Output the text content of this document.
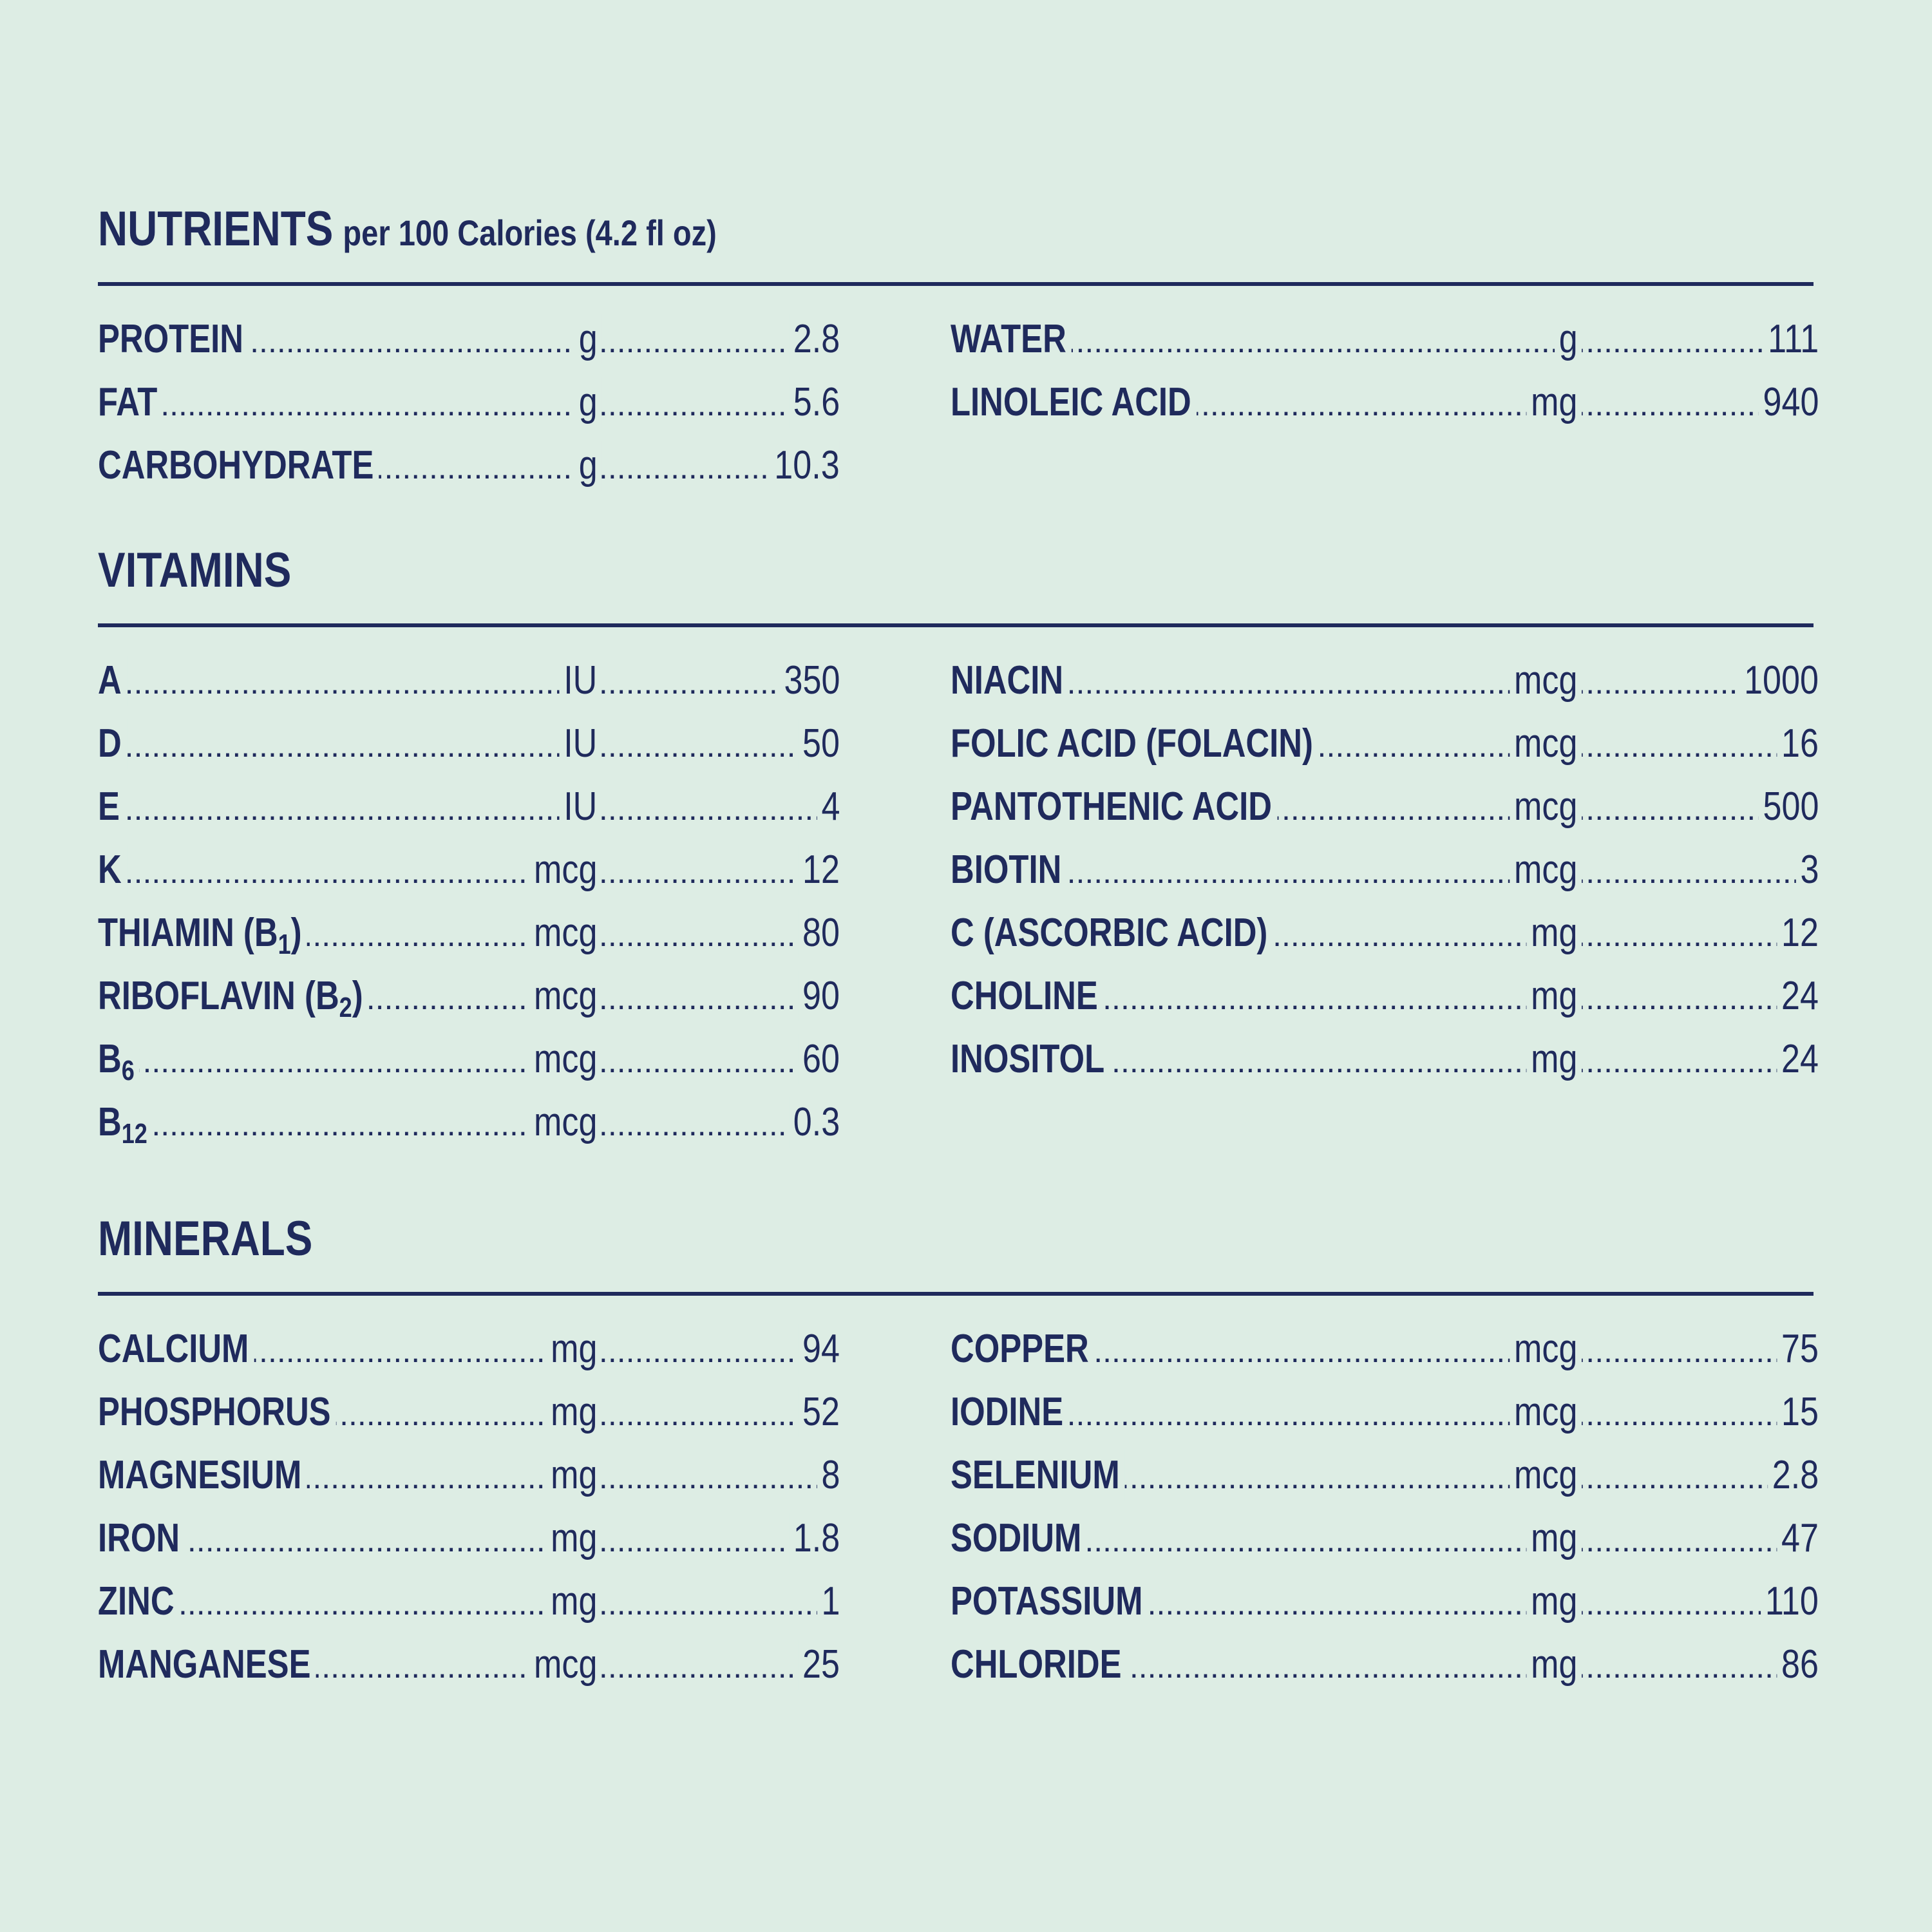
NUTRIENTS per 100 Calories (4.2 fl oz)
.....
PROTEIN	g	2.8
.....
FAT	g	5.6
.....
CARBOHYDRATE	g	10.3
.....
WATER	g	111
.....
LINOLEIC ACID	mg	940
VITAMINS
.....
A	IU	350
.....
D	IU	50
.....
E	IU	4
.....
K	mcg	12
.....
THIAMIN $(B_1)$	mcg	80
.....
RIBOFLAVIN $(B_2)$	mcg	90
.....
$B_6$	mcg	60
.....
$B_{12}$	mcg	0.3
.....
NIACIN	mcg	1000
.....
FOLIC ACID (FOLACIN)	mcg	16
.....
PANTOTHENIC ACID	mcg	500
.....
BIOTIN	mcg	3
.....
C (ASCORBIC ACID)	mg	12
.....
CHOLINE	mg	24
.....
INOSITOL	mg	24
MINERALS
.....
CALCIUM	mg	94
.....
PHOSPHORUS	mg	52
.....
MAGNESIUM	mg	8
.....
IRON	mg	1.8
.....
ZINC	mg	1
.....
MANGANESE	mcg	25
.....
COPPER	mcg	75
.....
IODINE	mcg	15
.....
SELENIUM	mcg	2.8
.....
SODIUM	mg	47
.....
POTASSIUM	mg	110
.....
CHLORIDE	mg	86
